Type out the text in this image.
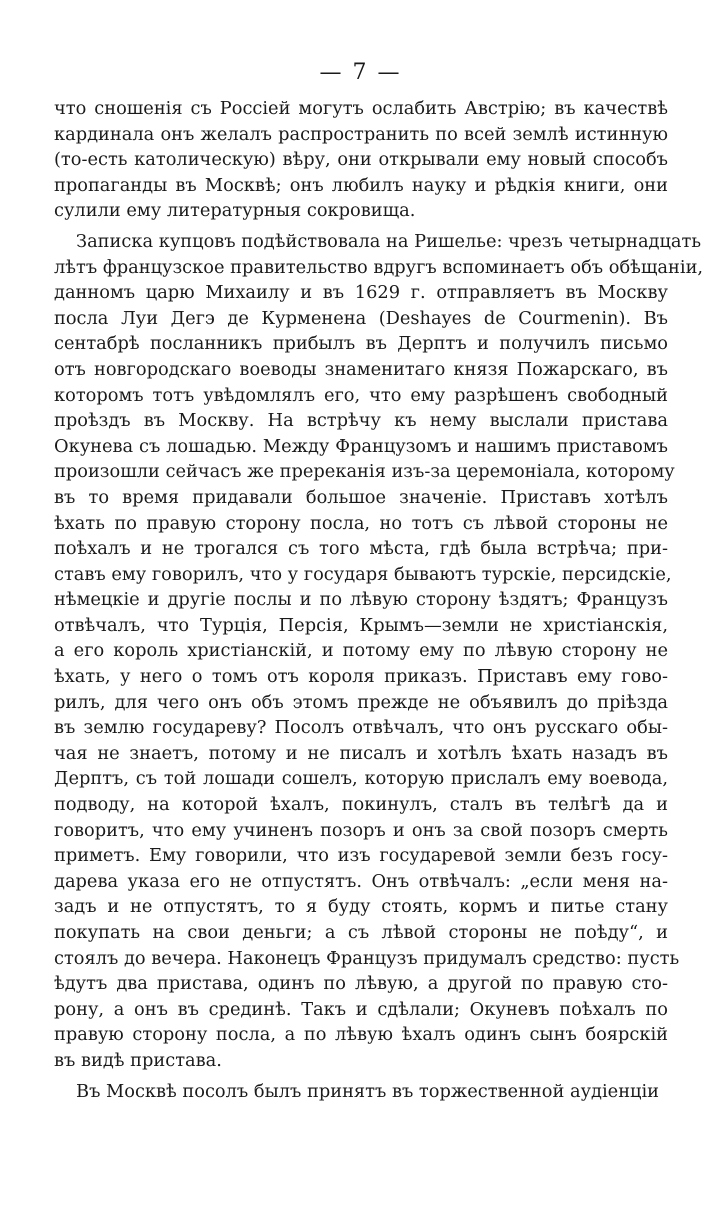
— 7 —
что сношенія съ Россіей могутъ ослабить Австрію; въ качествѣ
кардинала онъ желалъ распространить по всей землѣ истинную
(то-есть католическую) вѣру, они открывали ему новый способъ
пропаганды въ Москвѣ; онъ любилъ науку и рѣдкія книги, они
сулили ему литературныя сокровища.
Записка купцовъ подѣйствовала на Ришелье: чрезъ четырнадцать
лѣтъ французское правительство вдругъ вспоминаетъ объ обѣщаніи,
данномъ царю Михаилу и въ 1629 г. отправляетъ въ Москву
посла Луи Дегэ де Курменена (Deshayes de Courmenin). Въ
сентабрѣ посланникъ прибылъ въ Дерптъ и получилъ письмо
отъ новгородскаго воеводы знаменитаго князя Пожарскаго, въ
которомъ тотъ увѣдомлялъ его, что ему разрѣшенъ свободный
проѣздъ въ Москву. На встрѣчу къ нему выслали пристава
Окунева съ лошадью. Между Французомъ и нашимъ приставомъ
произошли сейчасъ же пререканія изъ-за церемоніала, которому
въ то время придавали большое значеніе. Приставъ хотѣлъ
ѣхать по правую сторону посла, но тотъ съ лѣвой стороны не
поѣхалъ и не трогался съ того мѣста, гдѣ была встрѣча; при-
ставъ ему говорилъ, что у государя бываютъ турскіе, персидскіе,
нѣмецкіе и другіе послы и по лѣвую сторону ѣздятъ; Французъ
отвѣчалъ, что Турція, Персія, Крымъ—земли не христіанскія,
а его король христіанскій, и потому ему по лѣвую сторону не
ѣхать, у него о томъ отъ короля приказъ. Приставъ ему гово-
рилъ, для чего онъ объ этомъ прежде не объявилъ до пріѣзда
въ землю государеву? Посолъ отвѣчалъ, что онъ русскаго обы-
чая не знаетъ, потому и не писалъ и хотѣлъ ѣхать назадъ въ
Дерптъ, съ той лошади сошелъ, которую прислалъ ему воевода,
подводу, на которой ѣхалъ, покинулъ, сталъ въ телѣгѣ да и
говоритъ, что ему учиненъ позоръ и онъ за свой позоръ смерть
приметъ. Ему говорили, что изъ государевой земли безъ госу-
дарева указа его не отпустятъ. Онъ отвѣчалъ: „если меня на-
задъ и не отпустятъ, то я буду стоять, кормъ и питье стану
покупать на свои деньги; а съ лѣвой стороны не поѣду“, и
стоялъ до вечера. Наконецъ Французъ придумалъ средство: пусть
ѣдутъ два пристава, одинъ по лѣвую, а другой по правую сто-
рону, а онъ въ срединѣ. Такъ и сдѣлали; Окуневъ поѣхалъ по
правую сторону посла, а по лѣвую ѣхалъ одинъ сынъ боярскій
въ видѣ пристава.
Въ Москвѣ посолъ былъ принятъ въ торжественной аудіенціи
